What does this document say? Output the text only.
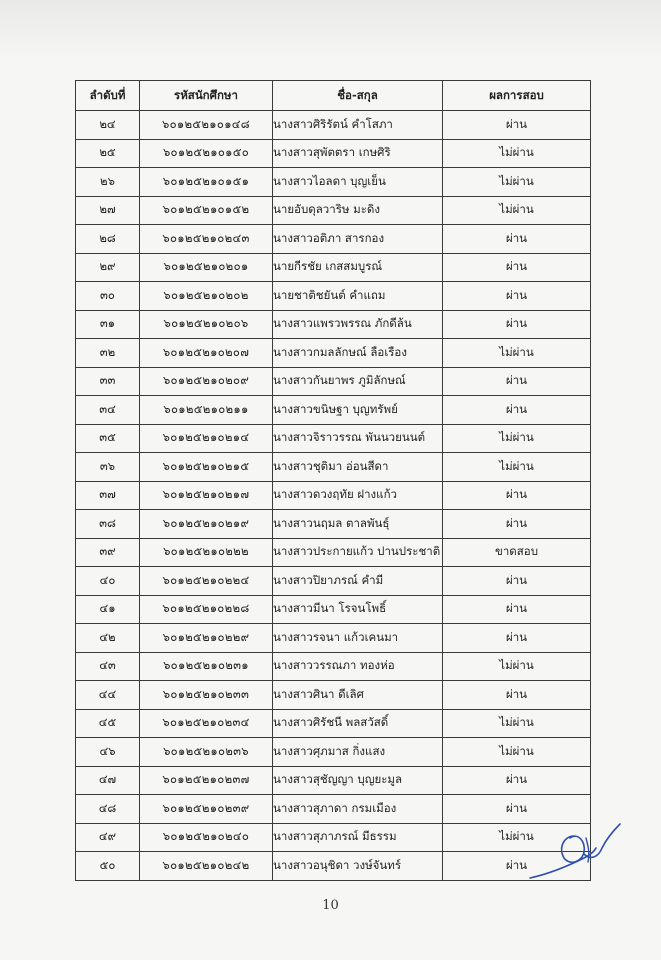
ลำดับที่	รหัสนักศึกษา	ชื่อ-สกุล	ผลการสอบ
๒๔	๖๐๑๒๕๒๑๐๑๔๘	นางสาวศิริรัตน์ คำโสภา	ผ่าน
๒๕	๖๐๑๒๕๒๑๐๑๕๐	นางสาวสุพัตตรา เกษศิริ	ไม่ผ่าน
๒๖	๖๐๑๒๕๒๑๐๑๕๑	นางสาวไอลดา บุญเย็น	ไม่ผ่าน
๒๗	๖๐๑๒๕๒๑๐๑๕๒	นายอับดุลวาริษ มะดิง	ไม่ผ่าน
๒๘	๖๐๑๒๕๒๑๐๒๔๓	นางสาวอติภา สารกอง	ผ่าน
๒๙	๖๐๑๒๕๒๑๐๒๐๑	นายกีรชัย เกสสมบูรณ์	ผ่าน
๓๐	๖๐๑๒๕๒๑๐๒๐๒	นายชาติชยันต์ คำแถม	ผ่าน
๓๑	๖๐๑๒๕๒๑๐๒๐๖	นางสาวแพรวพรรณ ภักดีล้น	ผ่าน
๓๒	๖๐๑๒๕๒๑๐๒๐๗	นางสาวกมลลักษณ์ ลือเรือง	ไม่ผ่าน
๓๓	๖๐๑๒๕๒๑๐๒๐๙	นางสาวกันยาพร ภูมิลักษณ์	ผ่าน
๓๔	๖๐๑๒๕๒๑๐๒๑๑	นางสาวขนิษฐา บุญทรัพย์	ผ่าน
๓๕	๖๐๑๒๕๒๑๐๒๑๔	นางสาวจิราวรรณ พันนวยนนต์	ไม่ผ่าน
๓๖	๖๐๑๒๕๒๑๐๒๑๕	นางสาวชุติมา อ่อนสีดา	ไม่ผ่าน
๓๗	๖๐๑๒๕๒๑๐๒๑๗	นางสาวดวงฤทัย ฝางแก้ว	ผ่าน
๓๘	๖๐๑๒๕๒๑๐๒๑๙	นางสาวนฤมล ตาลพันธุ์	ผ่าน
๓๙	๖๐๑๒๕๒๑๐๒๒๒	นางสาวประกายแก้ว ปานประชาติ	ขาดสอบ
๔๐	๖๐๑๒๕๒๑๐๒๒๔	นางสาวปิยาภรณ์ คำมี	ผ่าน
๔๑	๖๐๑๒๕๒๑๐๒๒๘	นางสาวมีนา โรจนโพธิ์	ผ่าน
๔๒	๖๐๑๒๕๒๑๐๒๒๙	นางสาวรจนา แก้วเคนมา	ผ่าน
๔๓	๖๐๑๒๕๒๑๐๒๓๑	นางสาววรรณภา ทองห่อ	ไม่ผ่าน
๔๔	๖๐๑๒๕๒๑๐๒๓๓	นางสาวศินา ดีเลิศ	ผ่าน
๔๕	๖๐๑๒๕๒๑๐๒๓๔	นางสาวศิรัชนี พลสวัสดิ์	ไม่ผ่าน
๔๖	๖๐๑๒๕๒๑๐๒๓๖	นางสาวศุภมาส กิ่งแสง	ไม่ผ่าน
๔๗	๖๐๑๒๕๒๑๐๒๓๗	นางสาวสุชัญญา บุญยะมูล	ผ่าน
๔๘	๖๐๑๒๕๒๑๐๒๓๙	นางสาวสุภาดา กรมเมือง	ผ่าน
๔๙	๖๐๑๒๕๒๑๐๒๔๐	นางสาวสุภาภรณ์ มีธรรม	ไม่ผ่าน
๕๐	๖๐๑๒๕๒๑๐๒๔๒	นางสาวอนุชิดา วงษ์จันทร์	ผ่าน
10
